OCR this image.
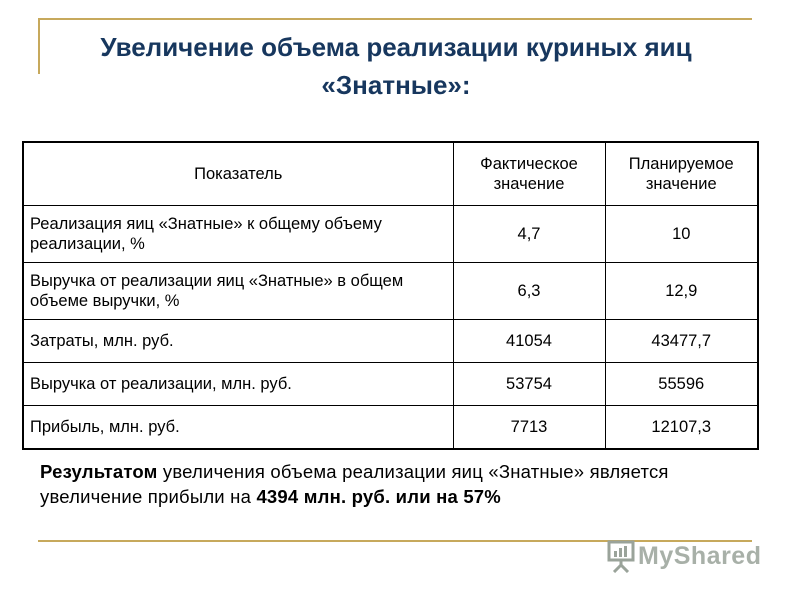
Увеличение объема реализации куриных яиц
«Знатные»:
Показатель	Фактическое значение	Планируемое значение
Реализация яиц «Знатные» к общему объему реализации, %	4,7	10
Выручка от реализации яиц «Знатные» в общем объеме выручки, %	6,3	12,9
Затраты, млн. руб.	41054	43477,7
Выручка от реализации, млн. руб.	53754	55596
Прибыль, млн. руб.	7713	12107,3
Результатом увеличения объема реализации яиц «Знатные» является увеличение прибыли на 4394 млн. руб. или на 57%
MyShared
